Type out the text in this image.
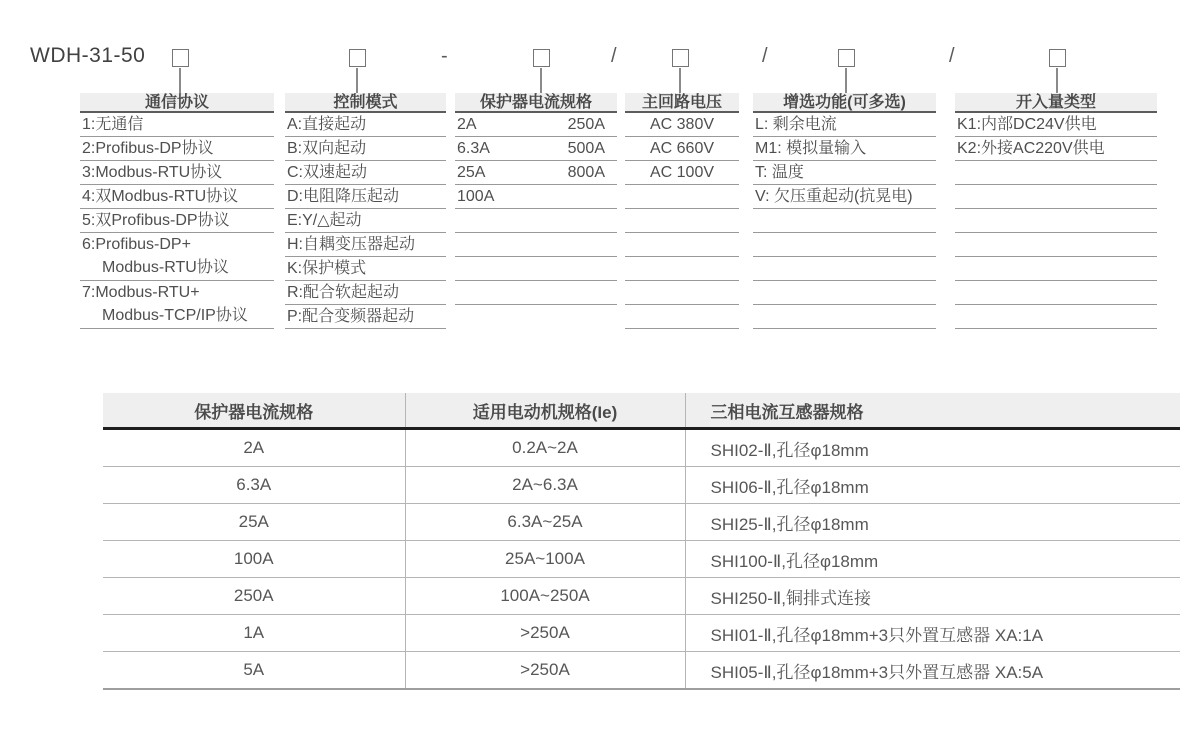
WDH-31-50	-	/	/	/
通信协议
1:无通信
2:Profibus-DP协议
3:Modbus-RTU协议
4:双Modbus-RTU协议
5:双Profibus-DP协议
6:Profibus-DP+
Modbus-RTU协议
7:Modbus-RTU+
Modbus-TCP/IP协议
控制模式
A:直接起动
B:双向起动
C:双速起动
D:电阻降压起动
E:Y/△起动
H:自耦变压器起动
K:保护模式
R:配合软起起动
P:配合变频器起动
保护器电流规格
2A	250A
6.3A	500A
25A	800A
100A
主回路电压
AC 380V
AC 660V
AC 100V
增选功能(可多选)
L: 剩余电流
M1: 模拟量输入
T: 温度
V: 欠压重起动(抗晃电)
开入量类型
K1:内部DC24V供电
K2:外接AC220V供电
保护器电流规格	适用电动机规格(Ie)	三相电流互感器规格
2A	0.2A~2A	SHI02-Ⅱ,孔径φ18mm
6.3A	2A~6.3A	SHI06-Ⅱ,孔径φ18mm
25A	6.3A~25A	SHI25-Ⅱ,孔径φ18mm
100A	25A~100A	SHI100-Ⅱ,孔径φ18mm
250A	100A~250A	SHI250-Ⅱ,铜排式连接
1A	>250A	SHI01-Ⅱ,孔径φ18mm+3只外置互感器 XA:1A
5A	>250A	SHI05-Ⅱ,孔径φ18mm+3只外置互感器 XA:5A
